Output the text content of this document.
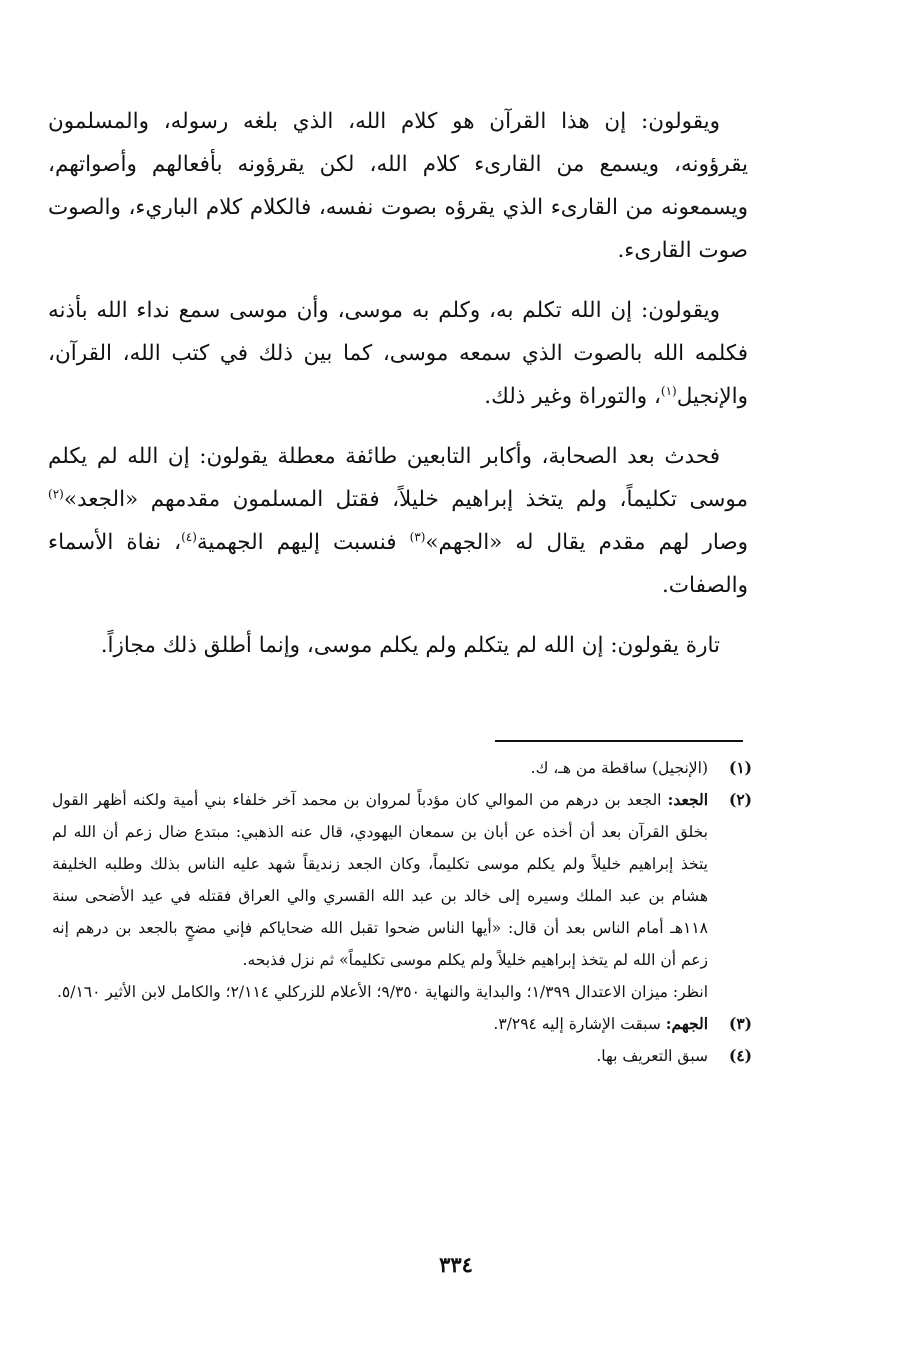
ويقولون: إن هذا القرآن هو كلام الله، الذي بلغه رسوله، والمسلمون يقرؤونه، ويسمع من القارىء كلام الله، لكن يقرؤونه بأفعالهم وأصواتهم، ويسمعونه من القارىء الذي يقرؤه بصوت نفسه، فالكلام كلام الباريء، والصوت صوت القارىء.

ويقولون: إن الله تكلم به، وكلم به موسى، وأن موسى سمع نداء الله بأذنه فكلمه الله بالصوت الذي سمعه موسى، كما بين ذلك في كتب الله، القرآن، والإنجيل$^{(١)}$، والتوراة وغير ذلك.

فحدث بعد الصحابة، وأكابر التابعين طائفة معطلة يقولون: إن الله لم يكلم موسى تكليماً، ولم يتخذ إبراهيم خليلاً، فقتل المسلمون مقدمهم «الجعد»$^{(٢)}$ وصار لهم مقدم يقال له «الجهم»$^{(٣)}$ فنسبت إليهم الجهمية$^{(٤)}$، نفاة الأسماء والصفات.

تارة يقولون: إن الله لم يتكلم ولم يكلم موسى، وإنما أطلق ذلك مجازاً.

(١)
(الإنجيل) ساقطة من هـ، ك.
(٢)
الجعد: الجعد بن درهم من الموالي كان مؤدباً لمروان بن محمد آخر خلفاء بني أمية ولكنه أظهر القول بخلق القرآن بعد أن أخذه عن أبان بن سمعان اليهودي، قال عنه الذهبي: مبتدع ضال زعم أن الله لم يتخذ إبراهيم خليلاً ولم يكلم موسى تكليماً، وكان الجعد زنديقاً شهد عليه الناس بذلك وطلبه الخليفة هشام بن عبد الملك وسيره إلى خالد بن عبد الله القسري والي العراق فقتله في عيد الأضحى سنة ١١٨هـ أمام الناس بعد أن قال: «أيها الناس ضحوا تقبل الله ضحاياكم فإني مضحٍ بالجعد بن درهم إنه زعم أن الله لم يتخذ إبراهيم خليلاً ولم يكلم موسى تكليماً» ثم نزل فذبحه.
انظر: ميزان الاعتدال ١/٣٩٩؛ والبداية والنهاية ٩/٣٥٠؛ الأعلام للزركلي ٢/١١٤؛ والكامل لابن الأثير ٥/١٦٠.
(٣)
الجهم: سبقت الإشارة إليه ٣/٢٩٤.
(٤)
سبق التعريف بها.
٣٣٤
